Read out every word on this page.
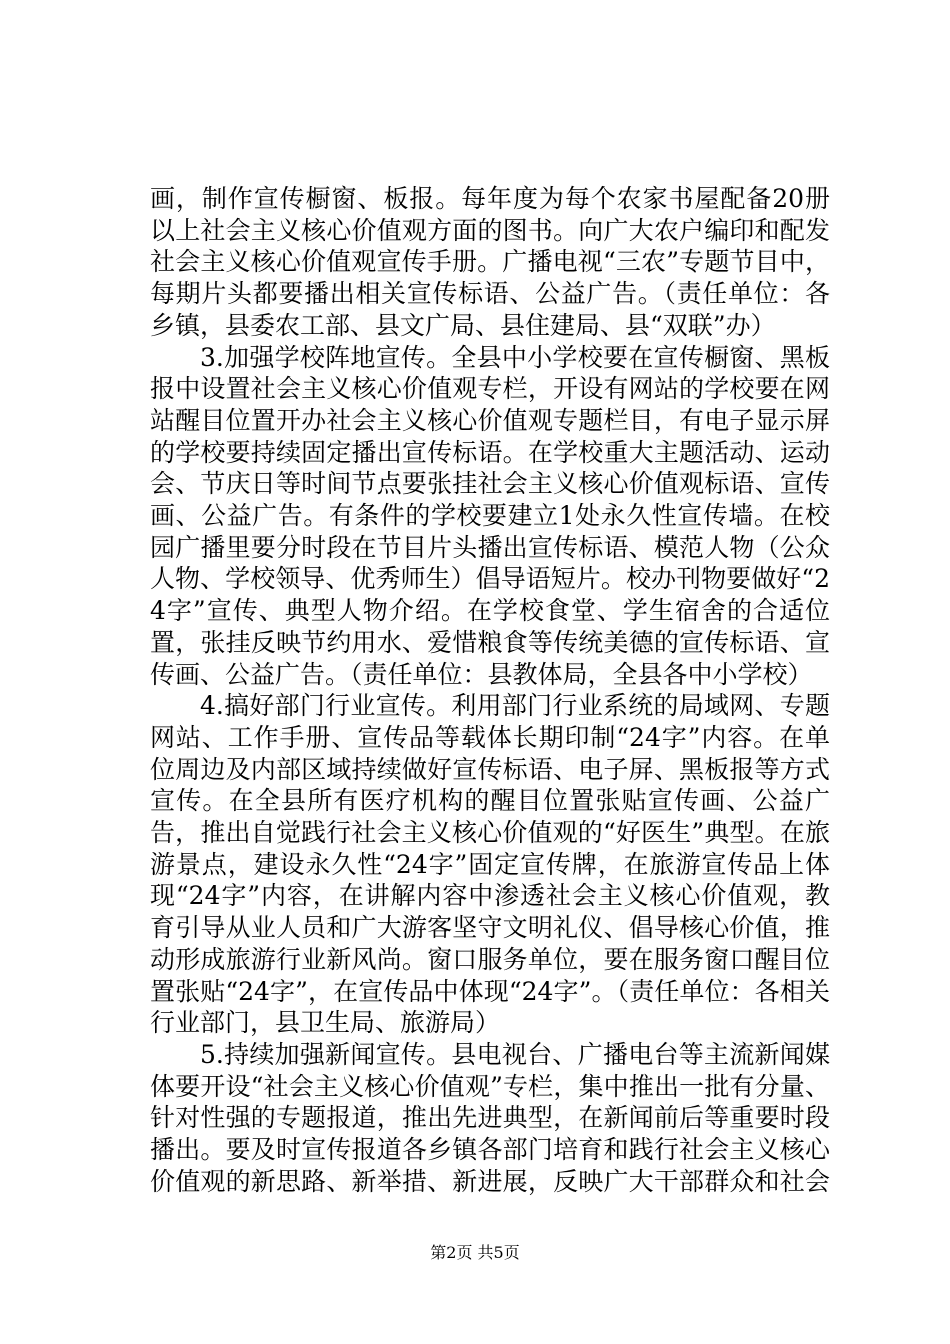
画，制作宣传橱窗、板报。每年度为每个农家书屋配备20册以上社会主义核心价值观方面的图书。向广大农户编印和配发社会主义核心价值观宣传手册。广播电视“三农”专题节目中，每期片头都要播出相关宣传标语、公益广告。（责任单位：各乡镇，县委农工部、县文广局、县住建局、县“双联”办）

3.加强学校阵地宣传。全县中小学校要在宣传橱窗、黑板报中设置社会主义核心价值观专栏，开设有网站的学校要在网站醒目位置开办社会主义核心价值观专题栏目，有电子显示屏的学校要持续固定播出宣传标语。在学校重大主题活动、运动会、节庆日等时间节点要张挂社会主义核心价值观标语、宣传画、公益广告。有条件的学校要建立1处永久性宣传墙。在校园广播里要分时段在节目片头播出宣传标语、模范人物（公众人物、学校领导、优秀师生）倡导语短片。校办刊物要做好“24字”宣传、典型人物介绍。在学校食堂、学生宿舍的合适位置，张挂反映节约用水、爱惜粮食等传统美德的宣传标语、宣传画、公益广告。（责任单位：县教体局，全县各中小学校）

4.搞好部门行业宣传。利用部门行业系统的局域网、专题网站、工作手册、宣传品等载体长期印制“24字”内容。在单位周边及内部区域持续做好宣传标语、电子屏、黑板报等方式宣传。在全县所有医疗机构的醒目位置张贴宣传画、公益广告，推出自觉践行社会主义核心价值观的“好医生”典型。在旅游景点，建设永久性“24字”固定宣传牌，在旅游宣传品上体现“24字”内容，在讲解内容中渗透社会主义核心价值观，教育引导从业人员和广大游客坚守文明礼仪、倡导核心价值，推动形成旅游行业新风尚。窗口服务单位，要在服务窗口醒目位置张贴“24字”，在宣传品中体现“24字”。（责任单位：各相关行业部门，县卫生局、旅游局）

5.持续加强新闻宣传。县电视台、广播电台等主流新闻媒体要开设“社会主义核心价值观”专栏，集中推出一批有分量、针对性强的专题报道，推出先进典型，在新闻前后等重要时段播出。要及时宣传报道各乡镇各部门培育和践行社会主义核心价值观的新思路、新举措、新进展，反映广大干部群众和社会

第2页 共5页
